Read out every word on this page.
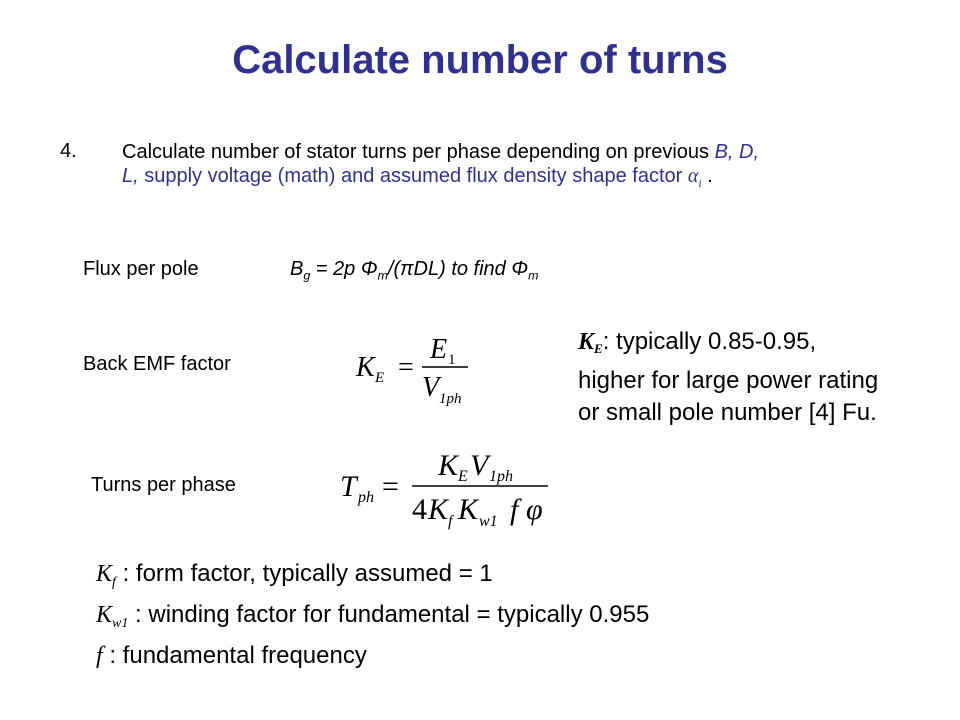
Calculate number of turns
4. Calculate number of stator turns per phase depending on previous B, D,
L, supply voltage (math) and assumed flux density shape factor $\alpha_i$ .
Flux per pole	$B_g = 2p$ $\Phi_m/(\pi DL)$ to find $\Phi_m$
Back EMF factor	K E =
E 1
V 1ph
KE: typically 0.85-0.95,
higher for large power rating
or small pole number [4] Fu.
Turns per phase	T ph =
K E V 1ph
4 K f K w1 f φ
$K_f$ : form factor, typically assumed = 1
$K_{w1}$ : winding factor for fundamental = typically 0.955
f : fundamental frequency
